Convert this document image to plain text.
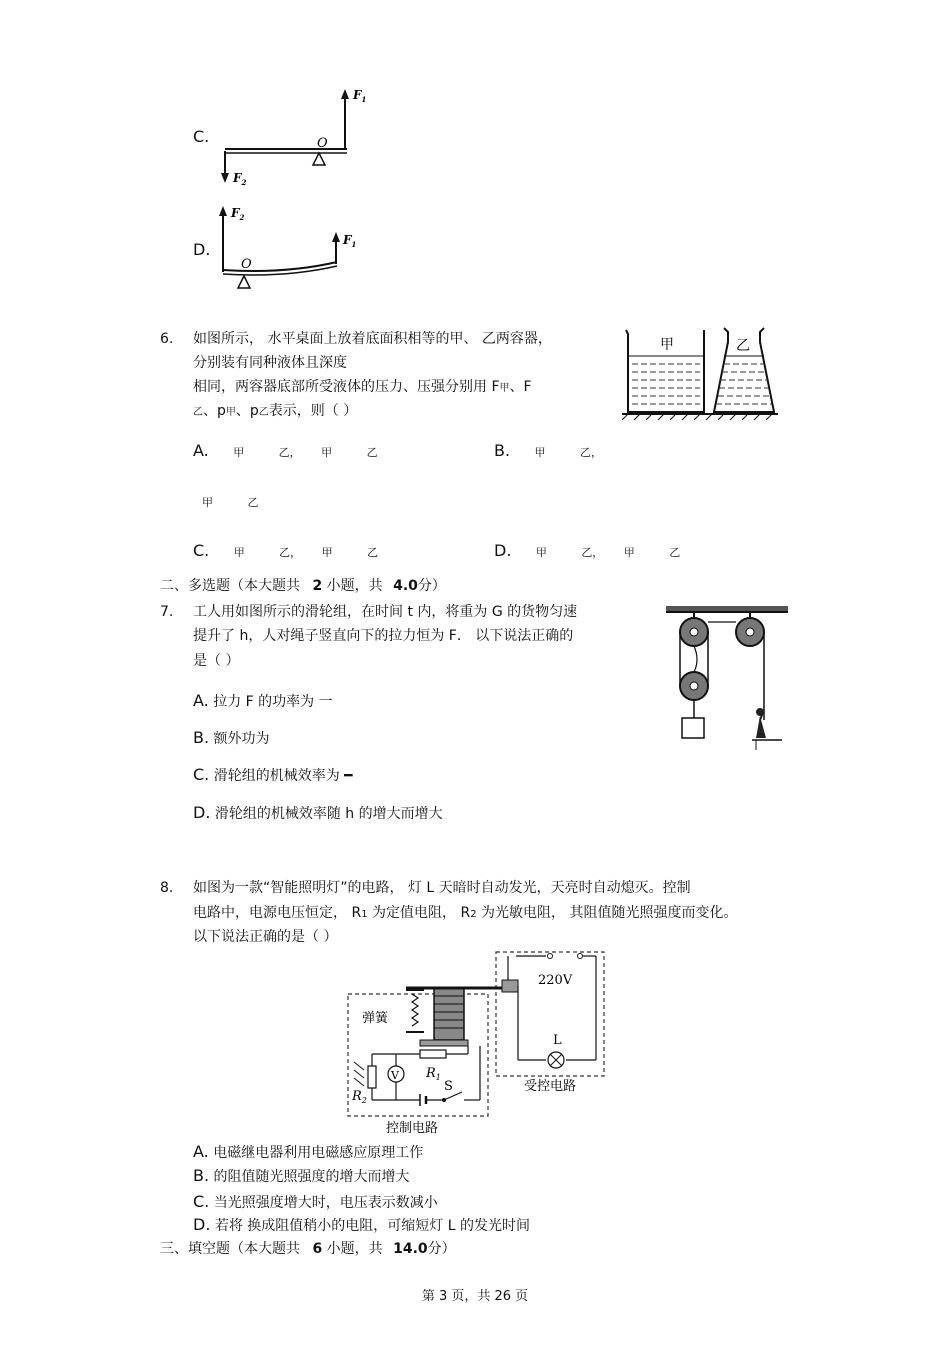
C.	O
$F_1$
$F_2$
D.
O
$F_2$
$F_1$
6. 如图所示， 水平桌面上放着底面积相等的甲、 乙两容器，
分别装有同种液体且深度
相同，两容器底部所受液体的压力、压强分别用 F甲、F
乙、p甲、p乙表示，则（ ）
甲	乙
A. 甲	乙， 甲	乙	B. 甲	乙，
甲	乙
C. 甲	乙， 甲	乙	D. 甲	乙， 甲	乙
二、多选题（本大题共 2 小题，共 4.0分）
7. 工人用如图所示的滑轮组，在时间 t 内，将重为 G 的货物匀速
提升了 h，人对绳子竖直向下的拉力恒为 F． 以下说法正确的
是（ ）
A. 拉力 F 的功率为 一
B. 额外功为
C. 滑轮组的机械效率为 ━
D. 滑轮组的机械效率随 h 的增大而增大
8. 如图为一款“智能照明灯”的电路， 灯 L 天暗时自动发光，天亮时自动熄灭。控制
电路中，电源电压恒定， R1 为定值电阻， R2 为光敏电阻， 其阻值随光照强度而变化。
以下说法正确的是（ ）
220V
L
受控电路
弹簧
V $R_1$
$R_2$
S
控制电路
A. 电磁继电器利用电磁感应原理工作
B. 的阻值随光照强度的增大而增大
C. 当光照强度增大时，电压表示数减小
D. 若将 换成阻值稍小的电阻，可缩短灯 L 的发光时间
三、填空题（本大题共 6 小题，共 14.0分）
第 3 页，共 26 页
